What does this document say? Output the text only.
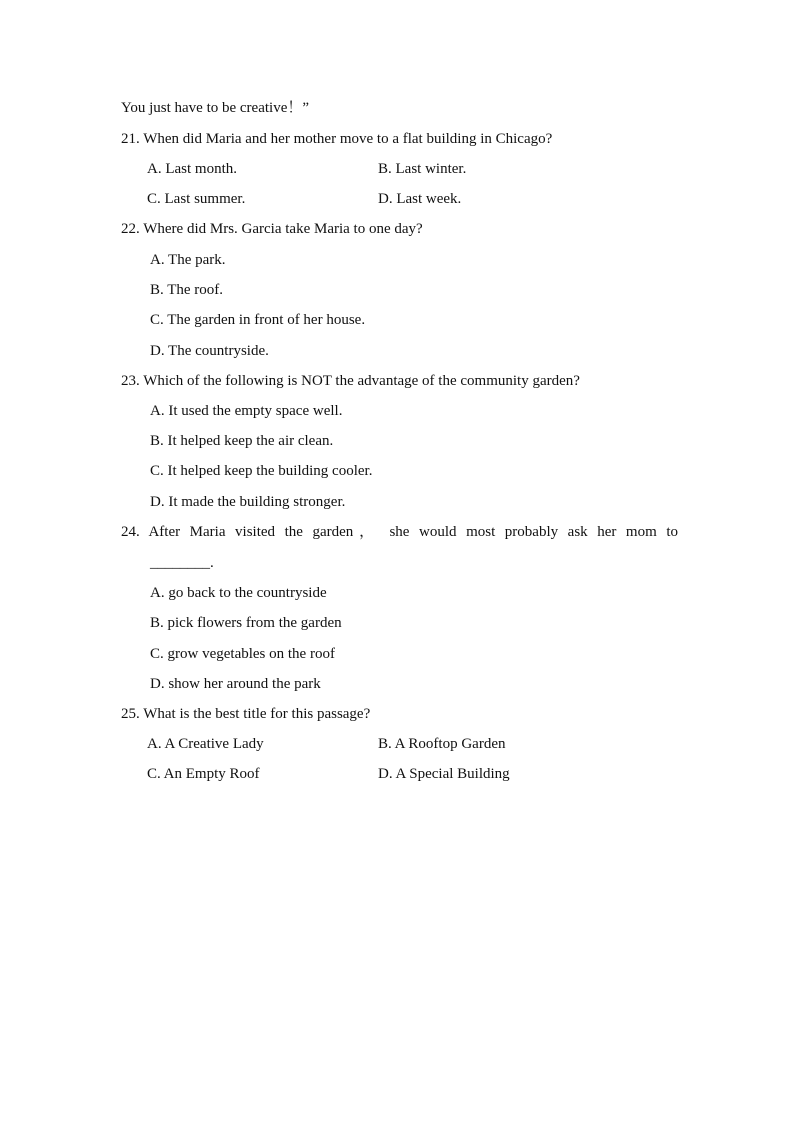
You just have to be creative！”
21. When did Maria and her mother move to a flat building in Chicago?
A. Last month.	B. Last winter.
C. Last summer.	D. Last week.
22. Where did Mrs. Garcia take Maria to one day?
A. The park.
B. The roof.
C. The garden in front of her house.
D. The countryside.
23. Which of the following is NOT the advantage of the community garden?
A. It used the empty space well.
B. It helped keep the air clean.
C. It helped keep the building cooler.
D. It made the building stronger.
24. After Maria visited the garden， she would most probably ask her mom to
________.
A. go back to the countryside
B. pick flowers from the garden
C. grow vegetables on the roof
D. show her around the park
25. What is the best title for this passage?
A. A Creative Lady	B. A Rooftop Garden
C. An Empty Roof	D. A Special Building
